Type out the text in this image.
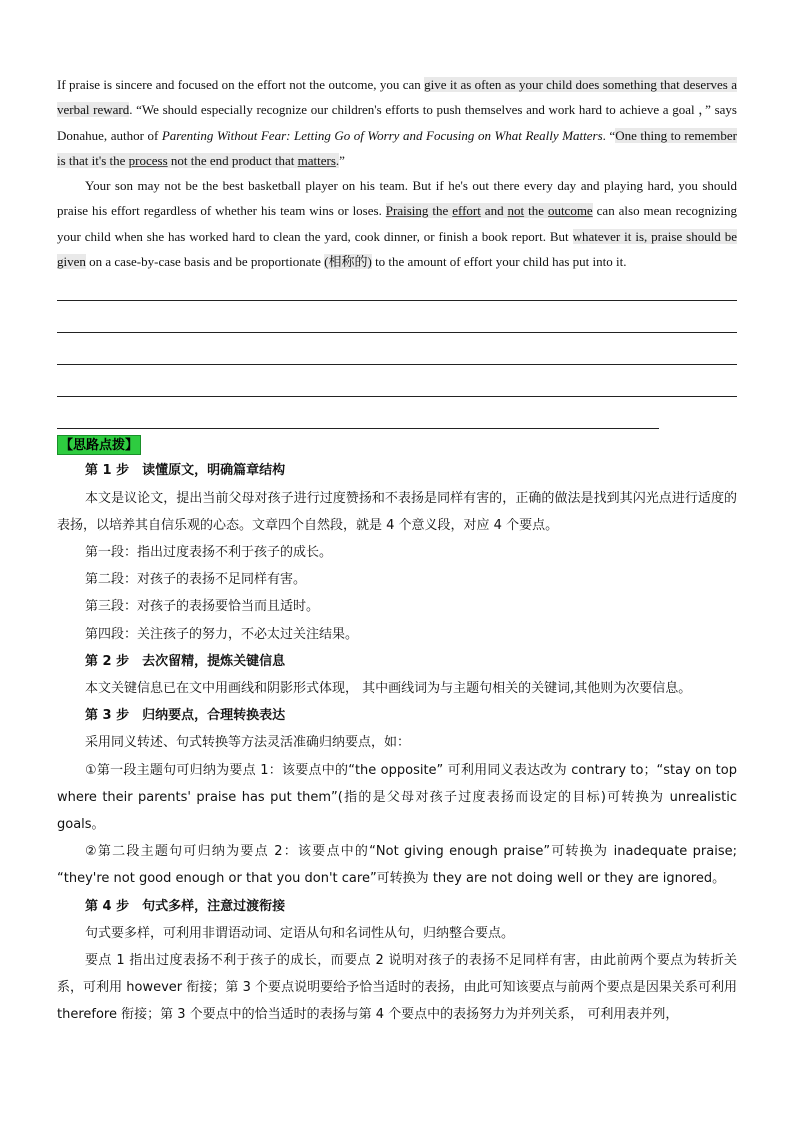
If praise is sincere and focused on the effort not the outcome, you can give it as often as your child does something that deserves a verbal reward. “We should especially recognize our children's efforts to push themselves and work hard to achieve a goal ，” says Donahue, author of Parenting Without Fear: Letting Go of Worry and Focusing on What Really Matters. “One thing to remember is that it's the process not the end product that matters.”

Your son may not be the best basketball player on his team. But if he's out there every day and playing hard, you should praise his effort regardless of whether his team wins or loses. Praising the effort and not the outcome can also mean recognizing your child when she has worked hard to clean the yard, cook dinner, or finish a book report. But whatever it is, praise should be given on a case-by-case basis and be proportionate (相称的) to the amount of effort your child has put into it.

【思路点拨】

第 1 步　读懂原文，明确篇章结构

本文是议论文，提出当前父母对孩子进行过度赞扬和不表扬是同样有害的，正确的做法是找到其闪光点进行适度的表扬，以培养其自信乐观的心态。文章四个自然段，就是 4 个意义段，对应 4 个要点。

第一段：指出过度表扬不利于孩子的成长。

第二段：对孩子的表扬不足同样有害。

第三段：对孩子的表扬要恰当而且适时。

第四段：关注孩子的努力，不必太过关注结果。

第 2 步　去次留精，提炼关键信息

本文关键信息已在文中用画线和阴影形式体现， 其中画线词为与主题句相关的关键词,其他则为次要信息。

第 3 步　归纳要点，合理转换表达

采用同义转述、句式转换等方法灵活准确归纳要点，如：

①第一段主题句可归纳为要点 1：该要点中的“the opposite” 可利用同义表达改为 contrary to；“stay on top where their parents' praise has put them”(指的是父母对孩子过度表扬而设定的目标)可转换为 unrealistic goals。

②第二段主题句可归纳为要点 2：该要点中的“Not giving enough praise”可转换为 inadequate praise; “they're not good enough or that you don't care”可转换为 they are not doing well or they are ignored。

第 4 步　句式多样，注意过渡衔接

句式要多样，可利用非谓语动词、定语从句和名词性从句，归纳整合要点。

要点 1 指出过度表扬不利于孩子的成长，而要点 2 说明对孩子的表扬不足同样有害，由此前两个要点为转折关系，可利用 however 衔接；第 3 个要点说明要给予恰当适时的表扬，由此可知该要点与前两个要点是因果关系可利用 therefore 衔接；第 3 个要点中的恰当适时的表扬与第 4 个要点中的表扬努力为并列关系， 可利用表并列，
